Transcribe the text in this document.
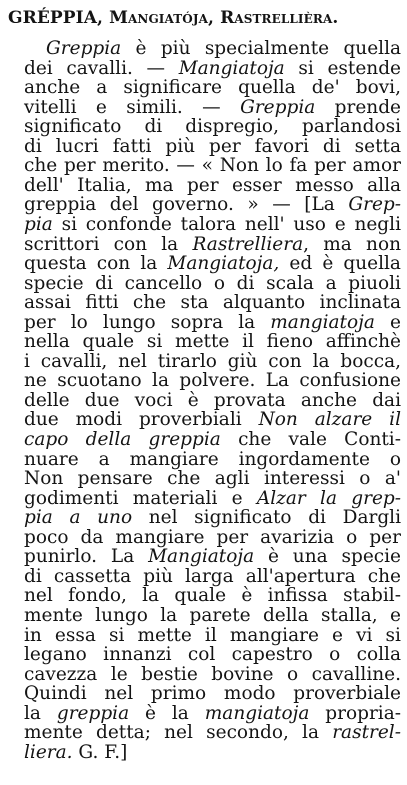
GRÉPPIA, Mangiatója, Rastrellièra.
Greppia è più specialmente quella
dei cavalli. — Mangiatoja si estende
anche a significare quella de' bovi,
vitelli e simili. — Greppia prende
significato di dispregio, parlandosi
di lucri fatti più per favori di setta
che per merito. — « Non lo fa per amor
dell' Italia, ma per esser messo alla
greppia del governo. » — [La Grep-
pia si confonde talora nell' uso e negli
scrittori con la Rastrelliera, ma non
questa con la Mangiatoja, ed è quella
specie di cancello o di scala a piuoli
assai fitti che sta alquanto inclinata
per lo lungo sopra la mangiatoja e
nella quale si mette il fieno affinchè
i cavalli, nel tirarlo giù con la bocca,
ne scuotano la polvere. La confusione
delle due voci è provata anche dai
due modi proverbiali Non alzare il
capo della greppia che vale Conti-
nuare a mangiare ingordamente o
Non pensare che agli interessi o a'
godimenti materiali e Alzar la grep-
pia a uno nel significato di Dargli
poco da mangiare per avarizia o per
punirlo. La Mangiatoja è una specie
di cassetta più larga all'apertura che
nel fondo, la quale è infissa stabil-
mente lungo la parete della stalla, e
in essa si mette il mangiare e vi si
legano innanzi col capestro o colla
cavezza le bestie bovine o cavalline.
Quindi nel primo modo proverbiale
la greppia è la mangiatoja propria-
mente detta; nel secondo, la rastrel-
liera. G. F.]
